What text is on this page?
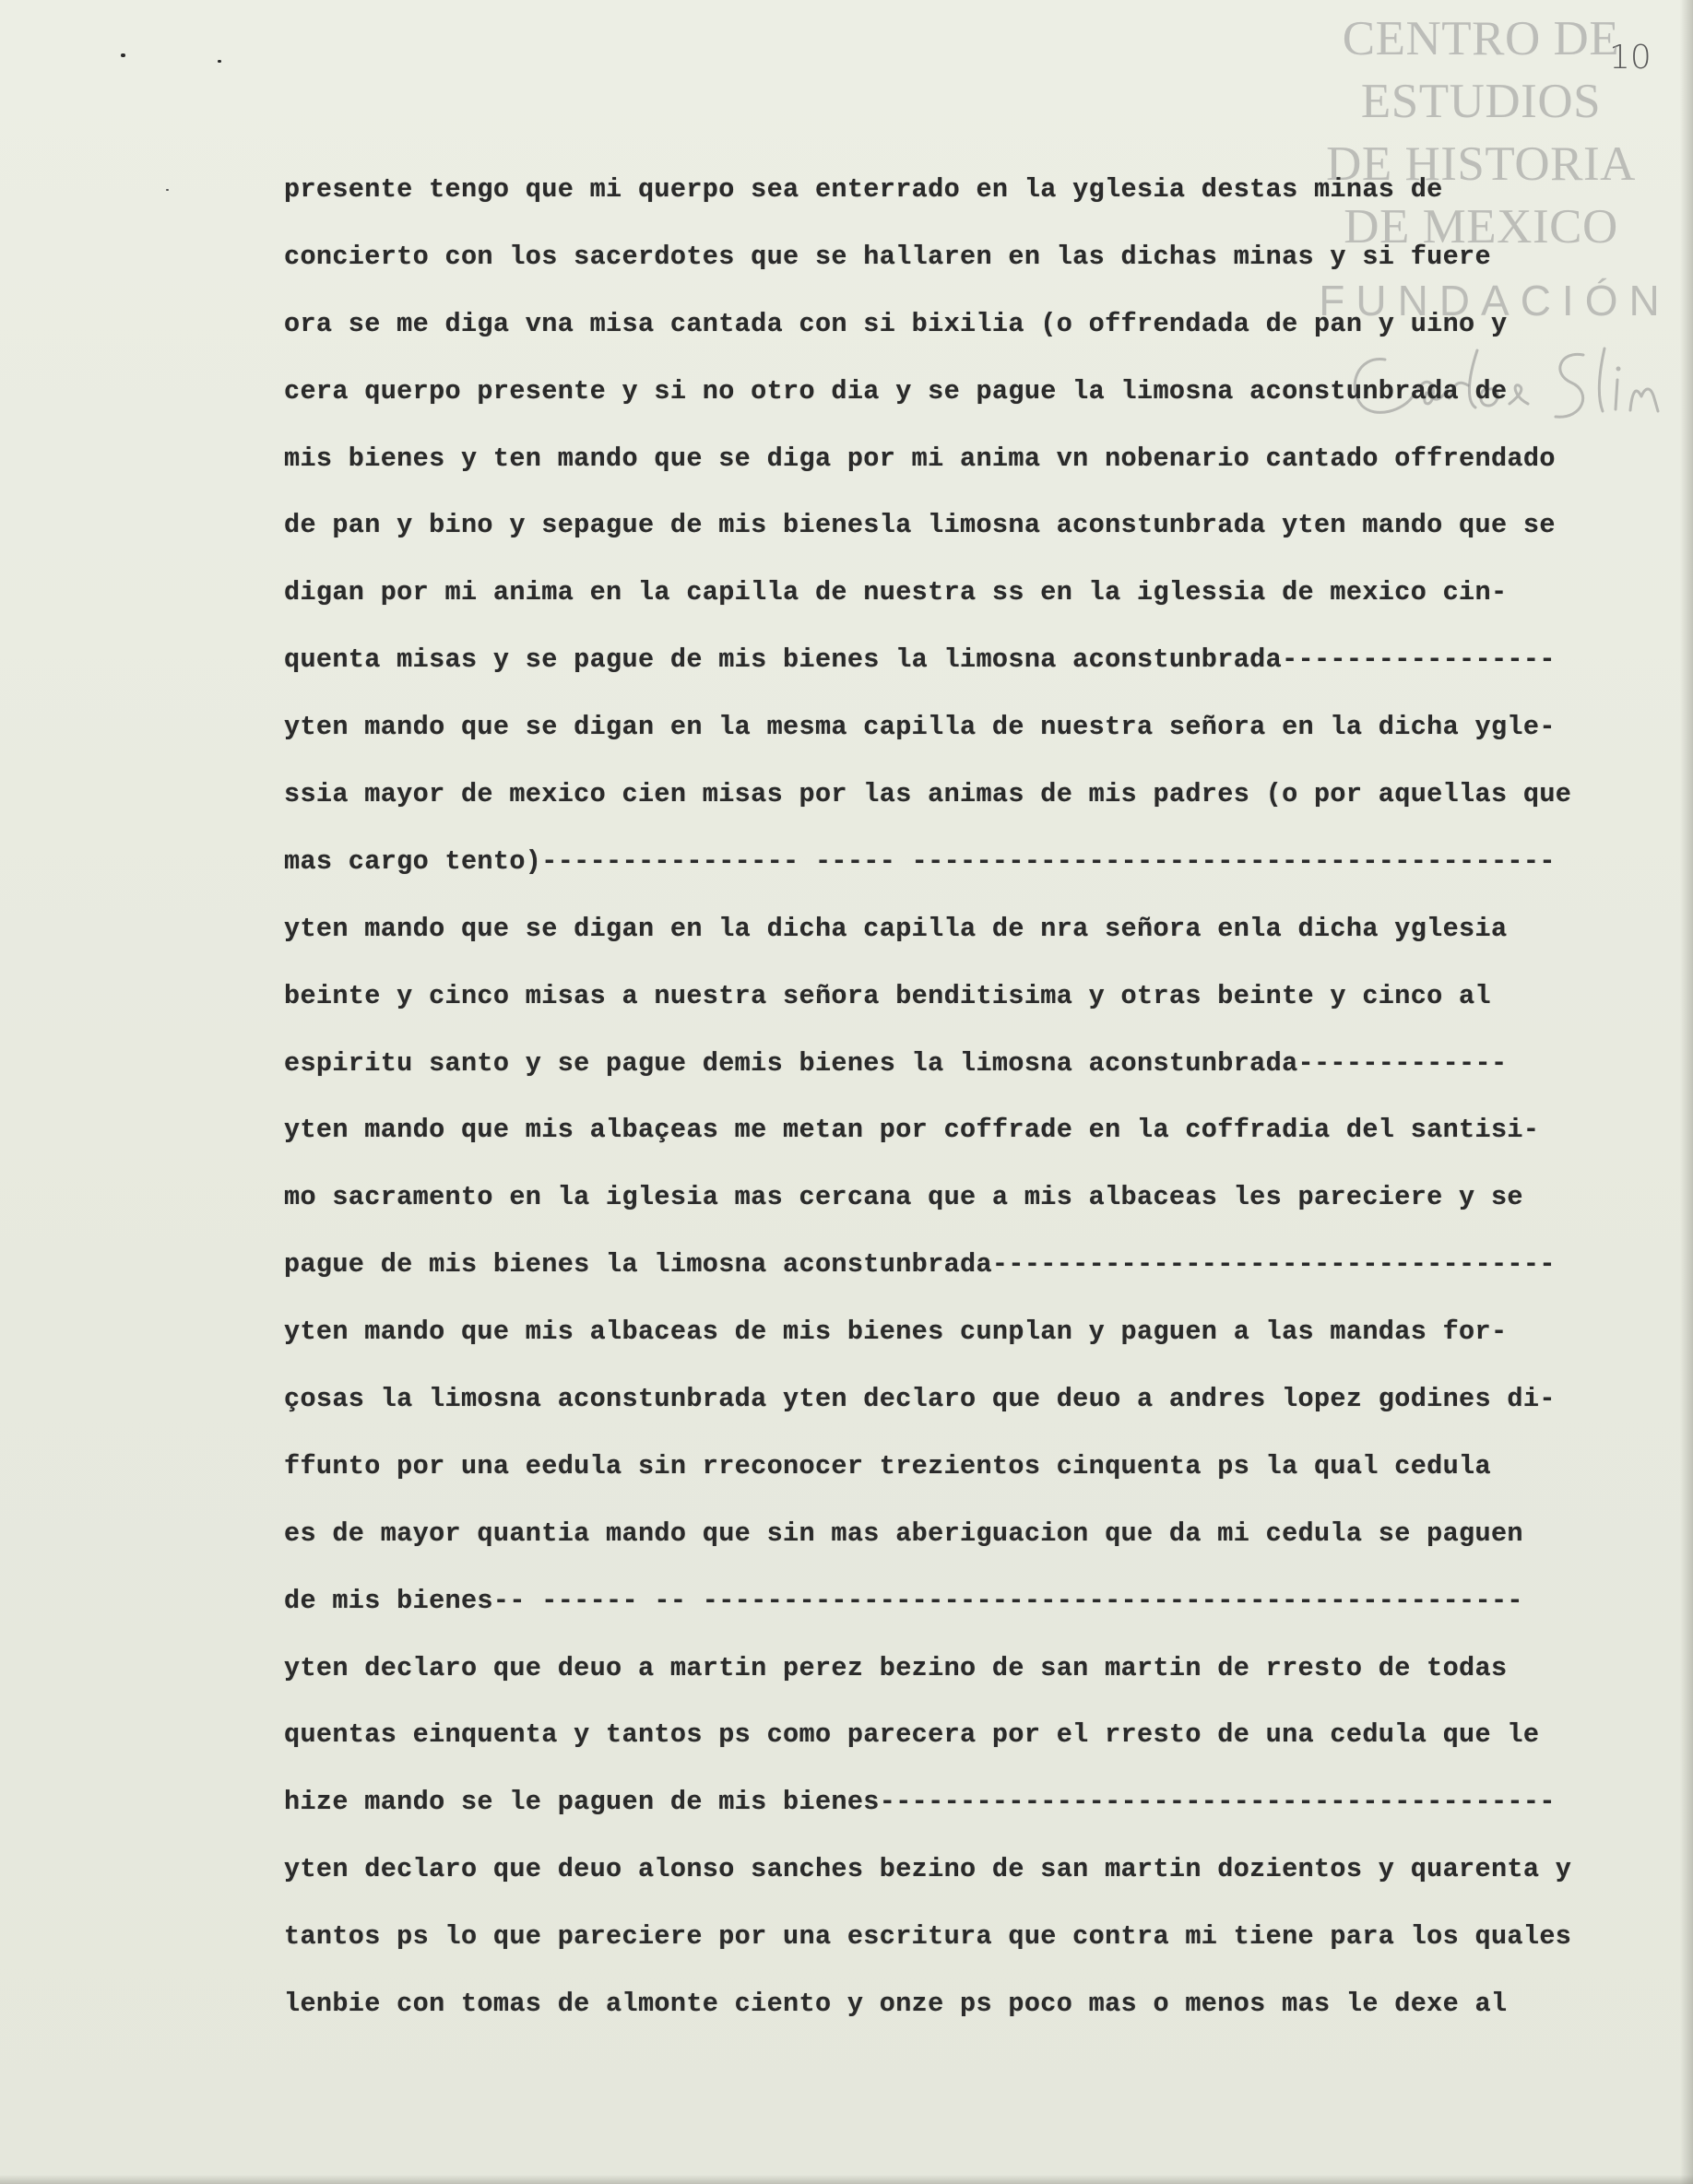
10
CENTRO DE
ESTUDIOS
DE HISTORIA
DE MEXICO
FUNDACIÓN
presente tengo que mi querpo sea enterrado en la yglesia destas minas de
concierto con los sacerdotes que se hallaren en las dichas minas y si fuere
ora se me diga vna misa cantada con si bixilia (o offrendada de pan y uino y
cera querpo presente y si no otro dia y se pague la limosna aconstunbrada de
mis bienes y ten mando que se diga por mi anima vn nobenario cantado offrendado
de pan y bino y sepague de mis bienesla limosna aconstunbrada yten mando que se
digan por mi anima en la capilla de nuestra ss en la iglessia de mexico cin-
quenta misas y se pague de mis bienes la limosna aconstunbrada-----------------
yten mando que se digan en la mesma capilla de nuestra señora en la dicha ygle-
ssia mayor de mexico cien misas por las animas de mis padres (o por aquellas que
mas cargo tento)---------------- ----- ----------------------------------------
yten mando que se digan en la dicha capilla de nra señora enla dicha yglesia
beinte y cinco misas a nuestra señora benditisima y otras beinte y cinco al
espiritu santo y se pague demis bienes la limosna aconstunbrada-------------
yten mando que mis albaçeas me metan por coffrade en la coffradia del santisi-
mo sacramento en la iglesia mas cercana que a mis albaceas les pareciere y se
pague de mis bienes la limosna aconstunbrada-----------------------------------
yten mando que mis albaceas de mis bienes cunplan y paguen a las mandas for-
çosas la limosna aconstunbrada yten declaro que deuo a andres lopez godines di-
ffunto por una eedula sin rreconocer trezientos cinquenta ps la qual cedula
es de mayor quantia mando que sin mas aberiguacion que da mi cedula se paguen
de mis bienes-- ------ -- ---------------------------------------------------
yten declaro que deuo a martin perez bezino de san martin de rresto de todas
quentas einquenta y tantos ps como parecera por el rresto de una cedula que le
hize mando se le paguen de mis bienes------------------------------------------
yten declaro que deuo alonso sanches bezino de san martin dozientos y quarenta y
tantos ps lo que pareciere por una escritura que contra mi tiene para los quales
lenbie con tomas de almonte ciento y onze ps poco mas o menos mas le dexe al
